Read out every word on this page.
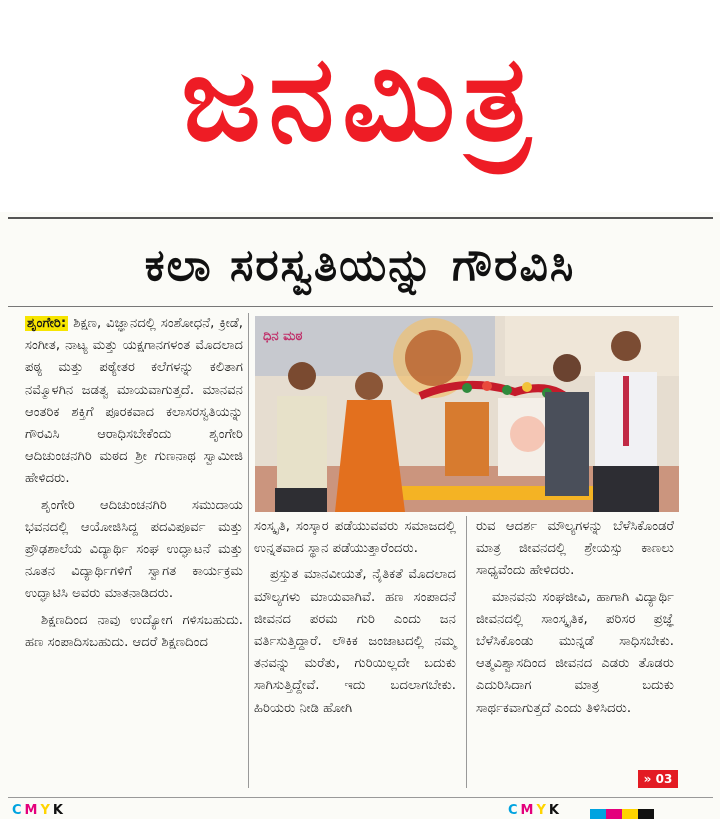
ಜನಮಿತ್ರ
ಕಲಾ ಸರಸ್ವತಿಯನ್ನು ಗೌರವಿಸಿ

ಶೃಂಗೇರಿ: ಶಿಕ್ಷಣ, ವಿಜ್ಞಾನದಲ್ಲಿ ಸಂಶೋಧನೆ, ಕ್ರೀಡೆ, ಸಂಗೀತ, ನಾಟ್ಯ ಮತ್ತು ಯಕ್ಷಗಾನಗಳಂತ ಮೊದಲಾದ ಪಠ್ಯ ಮತ್ತು ಪಠ್ಯೇತರ ಕಲೆಗಳನ್ನು ಕಲಿತಾಗ ನಮ್ಮೊಳಗಿನ ಜಡತ್ವ ಮಾಯವಾಗುತ್ತದೆ. ಮಾನವನ ಆಂತರಿಕ ಶಕ್ತಿಗೆ ಪೂರಕವಾದ ಕಲಾಸರಸ್ವತಿಯನ್ನು ಗೌರವಿಸಿ ಆರಾಧಿಸಬೇಕೆಂದು ಶೃಂಗೇರಿ ಆದಿಚುಂಚನಗಿರಿ ಮಠದ ಶ್ರೀ ಗುಣನಾಥ ಸ್ವಾಮೀಜಿ ಹೇಳಿದರು.

ಶೃಂಗೇರಿ ಆದಿಚುಂಚನಗಿರಿ ಸಮುದಾಯ ಭವನದಲ್ಲಿ ಆಯೋಜಿಸಿದ್ದ ಪದವಿಪೂರ್ವ ಮತ್ತು ಪ್ರೌಢಶಾಲೆಯ ವಿದ್ಯಾರ್ಥಿ ಸಂಘ ಉದ್ಘಾಟನೆ ಮತ್ತು ನೂತನ ವಿದ್ಯಾರ್ಥಿಗಳಿಗೆ ಸ್ವಾಗತ ಕಾರ್ಯಕ್ರಮ ಉದ್ಘಾಟಿಸಿ ಅವರು ಮಾತನಾಡಿದರು.

ಶಿಕ್ಷಣದಿಂದ ನಾವು ಉದ್ಯೋಗ ಗಳಿಸಬಹುದು. ಹಣ ಸಂಪಾದಿಸಬಹುದು. ಆದರೆ ಶಿಕ್ಷಣದಿಂದ

ಧಿನ ಮಠ

ಸಂಸ್ಕೃತಿ, ಸಂಸ್ಕಾರ ಪಡೆಯುವವರು ಸಮಾಜದಲ್ಲಿ ಉನ್ನತವಾದ ಸ್ಥಾನ ಪಡೆಯುತ್ತಾರೆಂದರು.

ಪ್ರಸ್ತುತ ಮಾನವೀಯತೆ, ನೈತಿಕತೆ ಮೊದಲಾದ ಮೌಲ್ಯಗಳು ಮಾಯವಾಗಿವೆ. ಹಣ ಸಂಪಾದನೆ ಜೀವನದ ಪರಮ ಗುರಿ ಎಂದು ಜನ ವರ್ತಿಸುತ್ತಿದ್ದಾರೆ. ಲೌಕಿಕ ಜಂಜಾಟದಲ್ಲಿ ನಮ್ಮ ತನವನ್ನು ಮರೆತು, ಗುರಿಯಿಲ್ಲದೇ ಬದುಕು ಸಾಗಿಸುತ್ತಿದ್ದೇವೆ. ಇದು ಬದಲಾಗಬೇಕು. ಹಿರಿಯರು ನೀಡಿ ಹೋಗಿ

ರುವ ಆದರ್ಶ ಮೌಲ್ಯಗಳನ್ನು ಬೆಳೆಸಿಕೊಂಡರೆ ಮಾತ್ರ ಜೀವನದಲ್ಲಿ ಶ್ರೇಯಸ್ಸು ಕಾಣಲು ಸಾಧ್ಯವೆಂದು ಹೇಳಿದರು.

ಮಾನವನು ಸಂಘಜೀವಿ, ಹಾಗಾಗಿ ವಿದ್ಯಾರ್ಥಿ ಜೀವನದಲ್ಲಿ ಸಾಂಸ್ಕೃತಿಕ, ಪರಿಸರ ಪ್ರಜ್ಞೆ ಬೆಳೆಸಿಕೊಂಡು ಮುನ್ನಡೆ ಸಾಧಿಸಬೇಕು. ಆತ್ಮವಿಶ್ವಾಸದಿಂದ ಜೀವನದ ಎಡರು ತೊಡರು ಎದುರಿಸಿದಾಗ ಮಾತ್ರ ಬದುಕು ಸಾರ್ಥಕವಾಗುತ್ತದೆ ಎಂದು ತಿಳಿಸಿದರು.

» 03
CMYK	CMYK
